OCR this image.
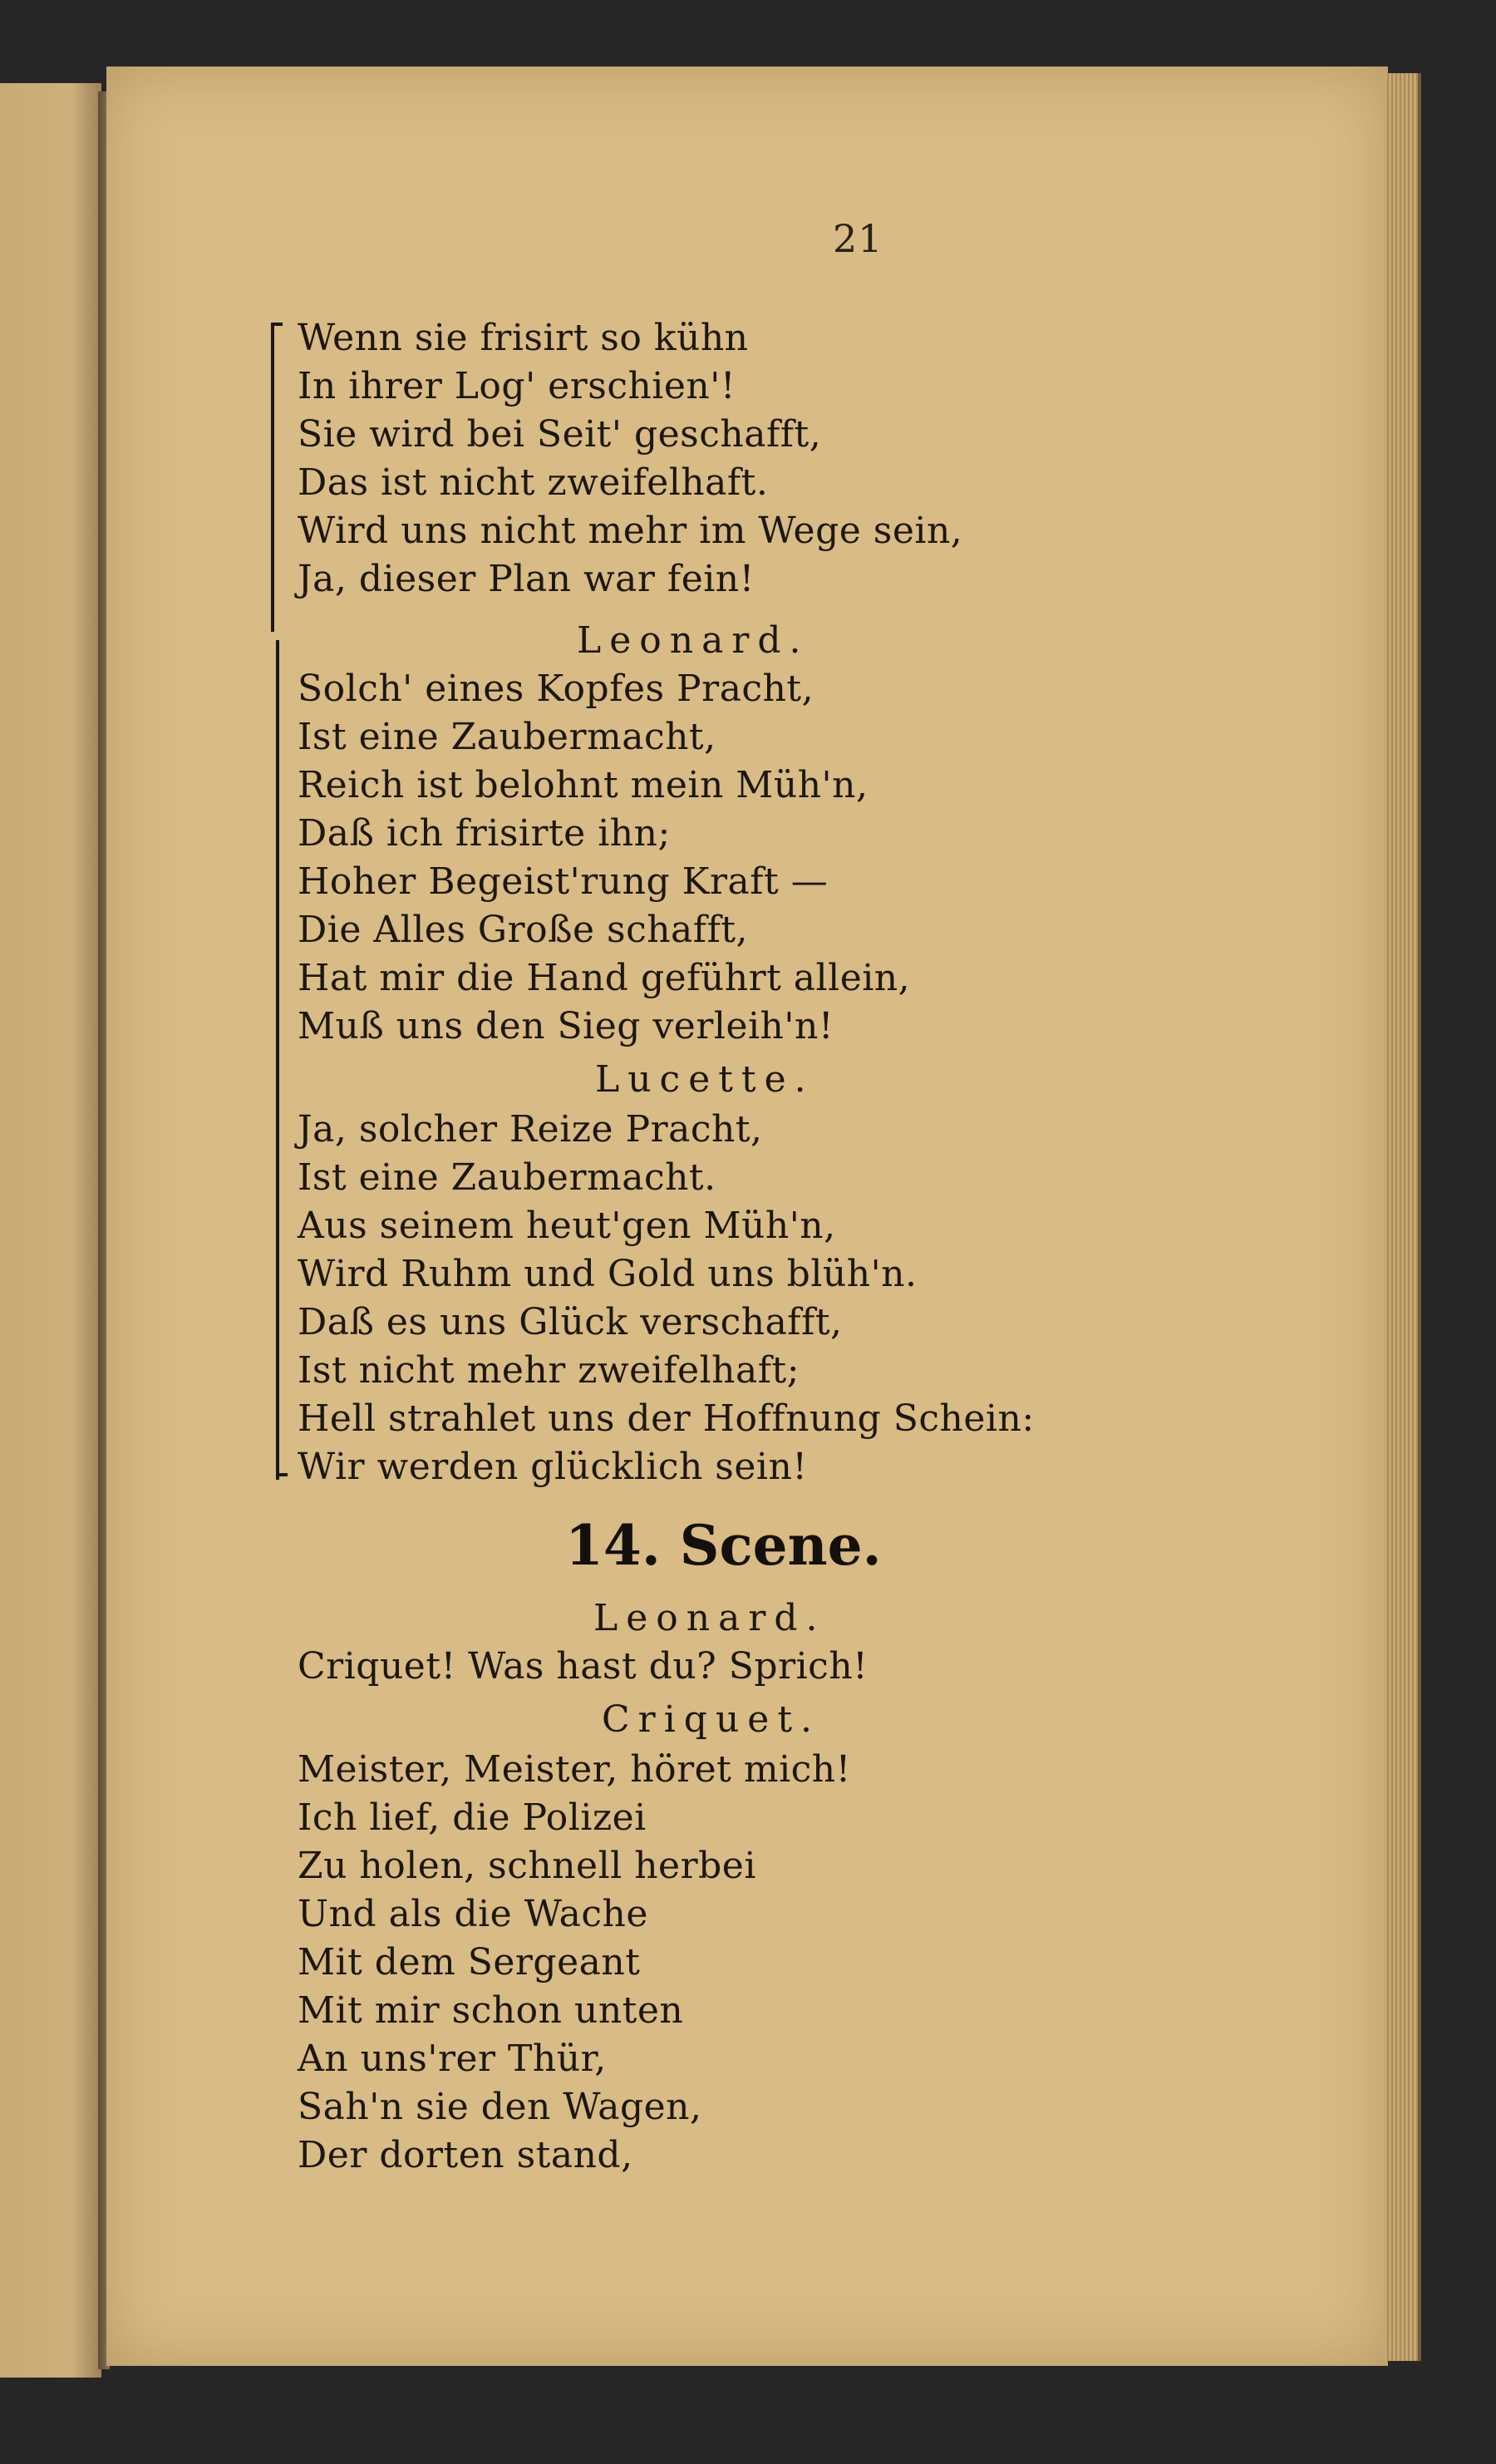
21
Wenn sie frisirt so kühn
In ihrer Log' erschien'!
Sie wird bei Seit' geschafft,
Das ist nicht zweifelhaft.
Wird uns nicht mehr im Wege sein,
Ja, dieser Plan war fein!
Leonard.
Solch' eines Kopfes Pracht,
Ist eine Zaubermacht,
Reich ist belohnt mein Müh'n,
Daß ich frisirte ihn;
Hoher Begeist'rung Kraft —
Die Alles Große schafft,
Hat mir die Hand geführt allein,
Muß uns den Sieg verleih'n!
Lucette.
Ja, solcher Reize Pracht,
Ist eine Zaubermacht.
Aus seinem heut'gen Müh'n,
Wird Ruhm und Gold uns blüh'n.
Daß es uns Glück verschafft,
Ist nicht mehr zweifelhaft;
Hell strahlet uns der Hoffnung Schein:
Wir werden glücklich sein!
14. Scene.
Leonard.
Criquet! Was hast du? Sprich!
Criquet.
Meister, Meister, höret mich!
Ich lief, die Polizei
Zu holen, schnell herbei
Und als die Wache
Mit dem Sergeant
Mit mir schon unten
An uns'rer Thür,
Sah'n sie den Wagen,
Der dorten stand,
